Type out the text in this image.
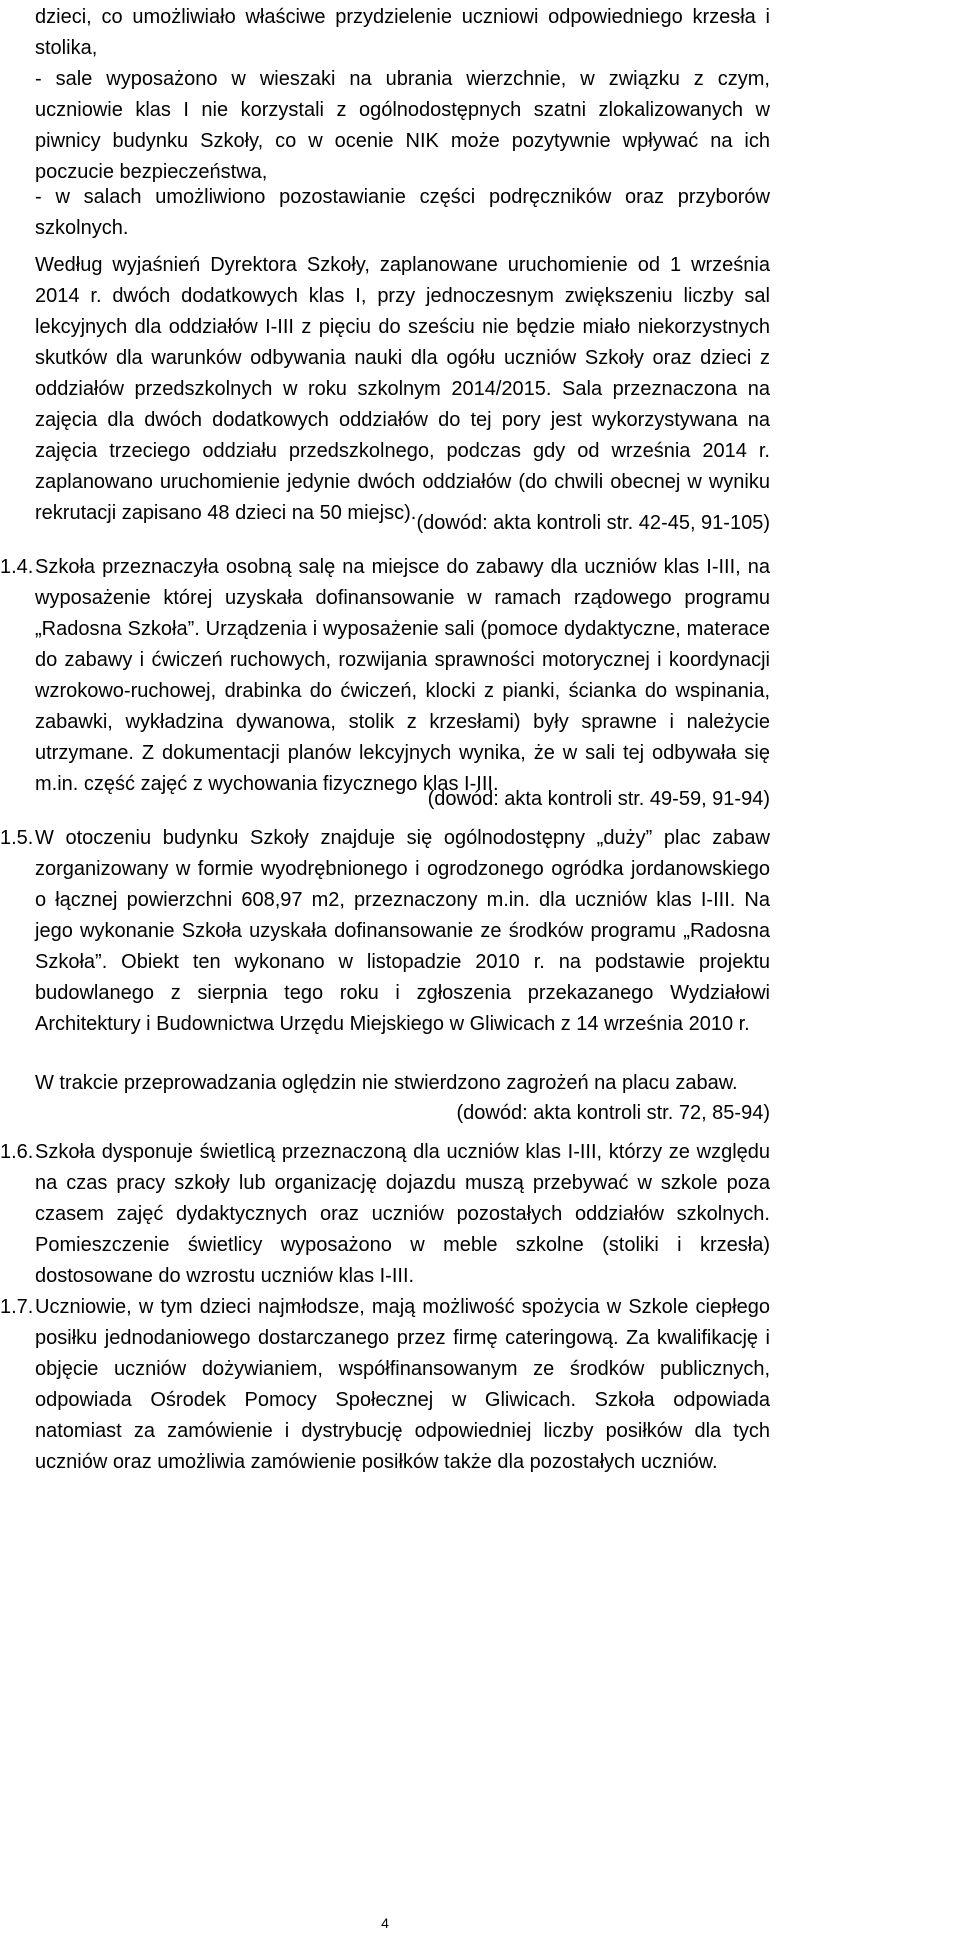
dzieci, co umożliwiało właściwe przydzielenie uczniowi odpowiedniego krzesła i stolika,

- sale wyposażono w wieszaki na ubrania wierzchnie, w związku z czym, uczniowie klas I nie korzystali z ogólnodostępnych szatni zlokalizowanych w piwnicy budynku Szkoły, co w ocenie NIK może pozytywnie wpływać na ich poczucie bezpieczeństwa,

- w salach umożliwiono pozostawianie części podręczników oraz przyborów szkolnych.

Według wyjaśnień Dyrektora Szkoły, zaplanowane uruchomienie od 1 września 2014 r. dwóch dodatkowych klas I, przy jednoczesnym zwiększeniu liczby sal lekcyjnych dla oddziałów I-III z pięciu do sześciu nie będzie miało niekorzystnych skutków dla warunków odbywania nauki dla ogółu uczniów Szkoły oraz dzieci z oddziałów przedszkolnych w roku szkolnym 2014/2015. Sala przeznaczona na zajęcia dla dwóch dodatkowych oddziałów do tej pory jest wykorzystywana na zajęcia trzeciego oddziału przedszkolnego, podczas gdy od września 2014 r. zaplanowano uruchomienie jedynie dwóch oddziałów (do chwili obecnej w wyniku rekrutacji zapisano 48 dzieci na 50 miejsc). (dowód: akta kontroli str. 42-45, 91-105)
1.4. Szkoła przeznaczyła osobną salę na miejsce do zabawy dla uczniów klas I-III, na wyposażenie której uzyskała dofinansowanie w ramach rządowego programu „Radosna Szkoła”. Urządzenia i wyposażenie sali (pomoce dydaktyczne, materace do zabawy i ćwiczeń ruchowych, rozwijania sprawności motorycznej i koordynacji wzrokowo-ruchowej, drabinka do ćwiczeń, klocki z pianki, ścianka do wspinania, zabawki, wykładzina dywanowa, stolik z krzesłami) były sprawne i należycie utrzymane. Z dokumentacji planów lekcyjnych wynika, że w sali tej odbywała się m.in. część zajęć z wychowania fizycznego klas I-III.

(dowód: akta kontroli str. 49-59, 91-94)
1.5. W otoczeniu budynku Szkoły znajduje się ogólnodostępny „duży” plac zabaw zorganizowany w formie wyodrębnionego i ogrodzonego ogródka jordanowskiego o łącznej powierzchni 608,97 m2, przeznaczony m.in. dla uczniów klas I-III. Na jego wykonanie Szkoła uzyskała dofinansowanie ze środków programu „Radosna Szkoła”. Obiekt ten wykonano w listopadzie 2010 r. na podstawie projektu budowlanego z sierpnia tego roku i zgłoszenia przekazanego Wydziałowi Architektury i Budownictwa Urzędu Miejskiego w Gliwicach z 14 września 2010 r.

W trakcie przeprowadzania oględzin nie stwierdzono zagrożeń na placu zabaw.

(dowód: akta kontroli str. 72, 85-94)
1.6. Szkoła dysponuje świetlicą przeznaczoną dla uczniów klas I-III, którzy ze względu na czas pracy szkoły lub organizację dojazdu muszą przebywać w szkole poza czasem zajęć dydaktycznych oraz uczniów pozostałych oddziałów szkolnych. Pomieszczenie świetlicy wyposażono w meble szkolne (stoliki i krzesła) dostosowane do wzrostu uczniów klas I-III.

1.7. Uczniowie, w tym dzieci najmłodsze, mają możliwość spożycia w Szkole ciepłego posiłku jednodaniowego dostarczanego przez firmę cateringową. Za kwalifikację i objęcie uczniów dożywianiem, współfinansowanym ze środków publicznych, odpowiada Ośrodek Pomocy Społecznej w Gliwicach. Szkoła odpowiada natomiast za zamówienie i dystrybucję odpowiedniej liczby posiłków dla tych uczniów oraz umożliwia zamówienie posiłków także dla pozostałych uczniów.

4
